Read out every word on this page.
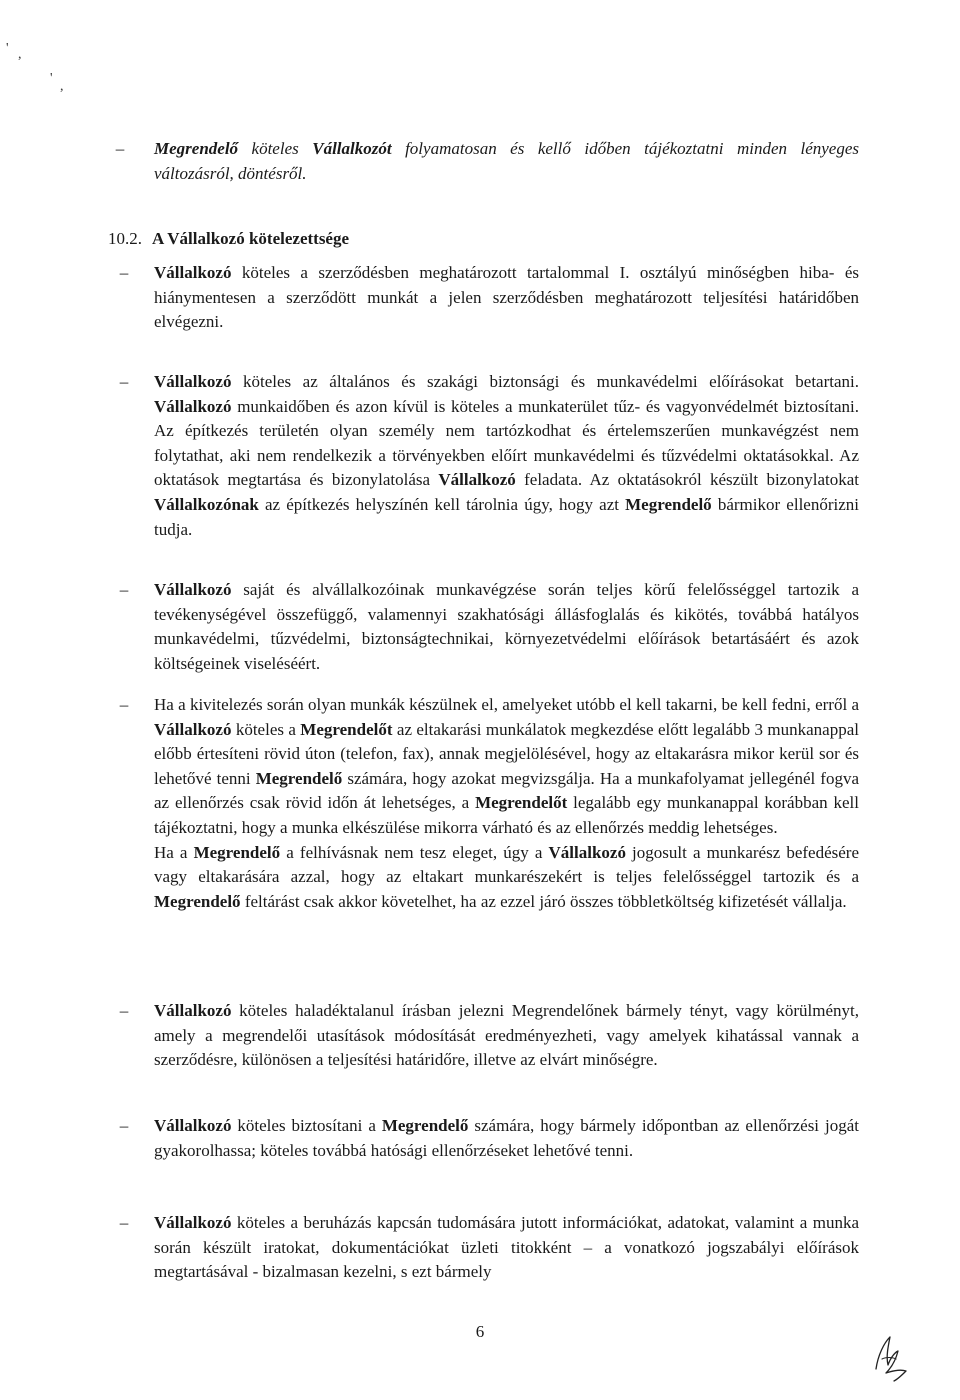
' ,
'
,
–	Megrendelő köteles Vállalkozót folyamatosan és kellő időben tájékoztatni minden lényeges változásról, döntésről.
10.2. A Vállalkozó kötelezettsége
–	Vállalkozó köteles a szerződésben meghatározott tartalommal I. osztályú minőségben hiba- és hiánymentesen a szerződött munkát a jelen szerződésben meghatározott teljesítési határidőben elvégezni.
–	Vállalkozó köteles az általános és szakági biztonsági és munkavédelmi előírásokat betartani. Vállalkozó munkaidőben és azon kívül is köteles a munkaterület tűz- és vagyonvédelmét biztosítani. Az építkezés területén olyan személy nem tartózkodhat és értelemszerűen munkavégzést nem folytathat, aki nem rendelkezik a törvényekben előírt munkavédelmi és tűzvédelmi oktatásokkal. Az oktatások megtartása és bizonylatolása Vállalkozó feladata. Az oktatásokról készült bizonylatokat Vállalkozónak az építkezés helyszínén kell tárolnia úgy, hogy azt Megrendelő bármikor ellenőrizni tudja.
–	Vállalkozó saját és alvállalkozóinak munkavégzése során teljes körű felelősséggel tartozik a tevékenységével összefüggő, valamennyi szakhatósági állásfoglalás és kikötés, továbbá hatályos munkavédelmi, tűzvédelmi, biztonságtechnikai, környezetvédelmi előírások betartásáért és azok költségeinek viseléséért.
–	Ha a kivitelezés során olyan munkák készülnek el, amelyeket utóbb el kell takarni, be kell fedni, erről a Vállalkozó köteles a Megrendelőt az eltakarási munkálatok megkezdése előtt legalább 3 munkanappal előbb értesíteni rövid úton (telefon, fax), annak megjelölésével, hogy az eltakarásra mikor kerül sor és lehetővé tenni Megrendelő számára, hogy azokat megvizsgálja. Ha a munkafolyamat jellegénél fogva az ellenőrzés csak rövid időn át lehetséges, a Megrendelőt legalább egy munkanappal korábban kell tájékoztatni, hogy a munka elkészülése mikorra várható és az ellenőrzés meddig lehetséges.
Ha a Megrendelő a felhívásnak nem tesz eleget, úgy a Vállalkozó jogosult a munkarész befedésére vagy eltakarására azzal, hogy az eltakart munkarészekért is teljes felelősséggel tartozik és a Megrendelő feltárást csak akkor követelhet, ha az ezzel járó összes többletköltség kifizetését vállalja.
–	Vállalkozó köteles haladéktalanul írásban jelezni Megrendelőnek bármely tényt, vagy körülményt, amely a megrendelői utasítások módosítását eredményezheti, vagy amelyek kihatással vannak a szerződésre, különösen a teljesítési határidőre, illetve az elvárt minőségre.
–	Vállalkozó köteles biztosítani a Megrendelő számára, hogy bármely időpontban az ellenőrzési jogát gyakorolhassa; köteles továbbá hatósági ellenőrzéseket lehetővé tenni.
–	Vállalkozó köteles a beruházás kapcsán tudomására jutott információkat, adatokat, valamint a munka során készült iratokat, dokumentációkat üzleti titokként – a vonatkozó jogszabályi előírások megtartásával - bizalmasan kezelni, s ezt bármely
6
